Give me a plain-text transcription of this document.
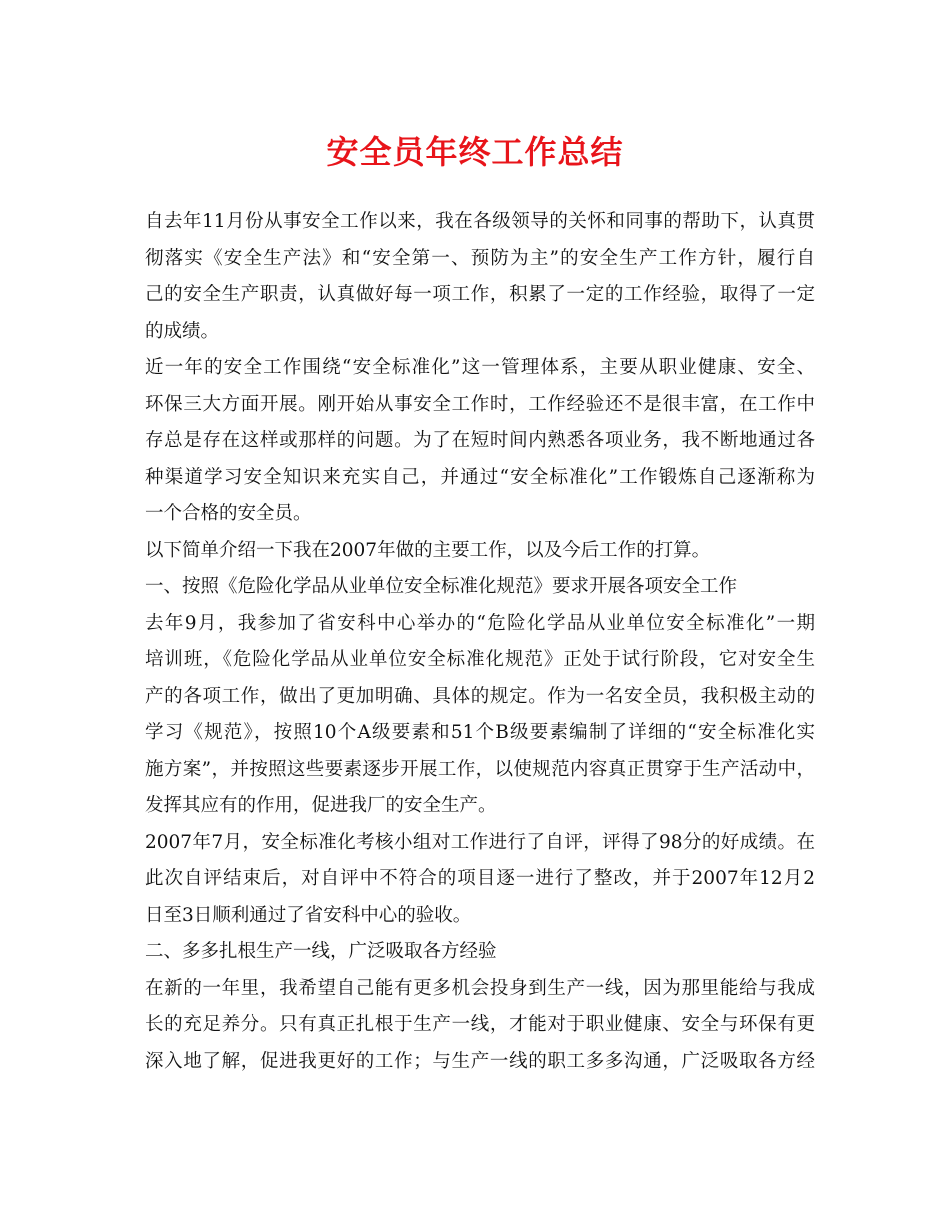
安全员年终工作总结
自去年11月份从事安全工作以来，我在各级领导的关怀和同事的帮助下，认真贯
彻落实《安全生产法》和“安全第一、预防为主”的安全生产工作方针，履行自
己的安全生产职责，认真做好每一项工作，积累了一定的工作经验，取得了一定
的成绩。
近一年的安全工作围绕“安全标准化”这一管理体系，主要从职业健康、安全、
环保三大方面开展。刚开始从事安全工作时，工作经验还不是很丰富，在工作中
存总是存在这样或那样的问题。为了在短时间内熟悉各项业务，我不断地通过各
种渠道学习安全知识来充实自己，并通过“安全标准化”工作锻炼自己逐渐称为
一个合格的安全员。
以下简单介绍一下我在2007年做的主要工作，以及今后工作的打算。
一、按照《危险化学品从业单位安全标准化规范》要求开展各项安全工作
去年9月，我参加了省安科中心举办的“危险化学品从业单位安全标准化”一期
培训班，《危险化学品从业单位安全标准化规范》正处于试行阶段，它对安全生
产的各项工作，做出了更加明确、具体的规定。作为一名安全员，我积极主动的
学习《规范》，按照10个A级要素和51个B级要素编制了详细的“安全标准化实
施方案”，并按照这些要素逐步开展工作，以使规范内容真正贯穿于生产活动中，
发挥其应有的作用，促进我厂的安全生产。
2007年7月，安全标准化考核小组对工作进行了自评，评得了98分的好成绩。在
此次自评结束后，对自评中不符合的项目逐一进行了整改，并于2007年12月2
日至3日顺利通过了省安科中心的验收。
二、多多扎根生产一线，广泛吸取各方经验
在新的一年里，我希望自己能有更多机会投身到生产一线，因为那里能给与我成
长的充足养分。只有真正扎根于生产一线，才能对于职业健康、安全与环保有更
深入地了解，促进我更好的工作；与生产一线的职工多多沟通，广泛吸取各方经
